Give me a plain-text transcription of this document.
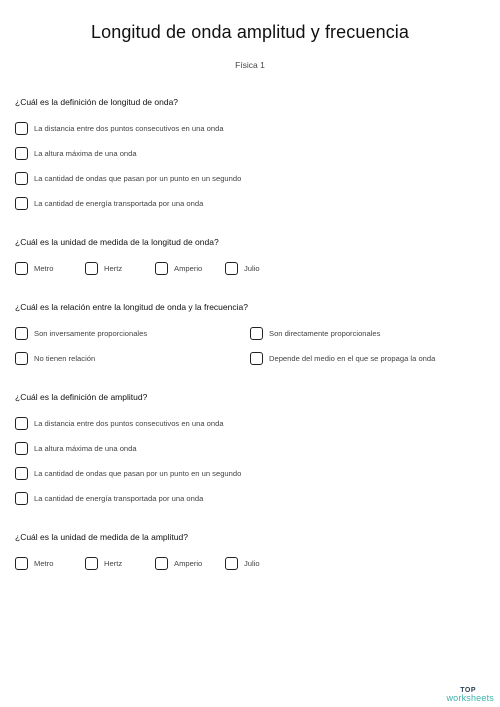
Longitud de onda amplitud y frecuencia
Física 1
¿Cuál es la definición de longitud de onda?
La distancia entre dos puntos consecutivos en una onda
La altura máxima de una onda
La cantidad de ondas que pasan por un punto en un segundo
La cantidad de energía transportada por una onda
¿Cuál es la unidad de medida de la longitud de onda?
Metro	Hertz	Amperio	Julio
¿Cuál es la relación entre la longitud de onda y la frecuencia?
Son inversamente proporcionales	Son directamente proporcionales
No tienen relación	Depende del medio en el que se propaga la onda
¿Cuál es la definición de amplitud?
La distancia entre dos puntos consecutivos en una onda
La altura máxima de una onda
La cantidad de ondas que pasan por un punto en un segundo
La cantidad de energía transportada por una onda
¿Cuál es la unidad de medida de la amplitud?
Metro	Hertz	Amperio	Julio
TOP
worksheets
